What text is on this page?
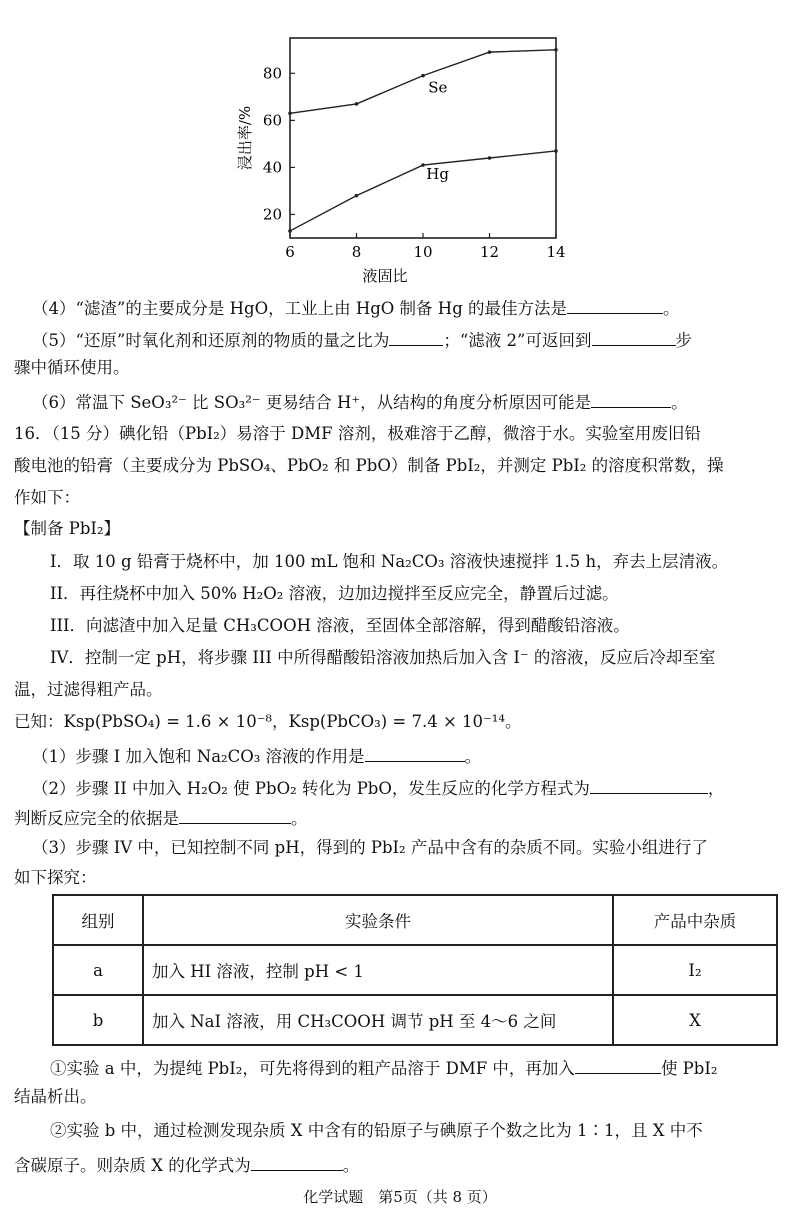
6	8	10	12	14
20
40
60
80
液固比
浸出率/%
Se
Hg
（4）“滤渣”的主要成分是 HgO，工业上由 HgO 制备 Hg 的最佳方法是	。
（5）“还原”时氧化剂和还原剂的物质的量之比为	；“滤液 2”可返回到	步
骤中循环使用。
（6）常温下 SeO₃²⁻ 比 SO₃²⁻ 更易结合 H⁺，从结构的角度分析原因可能是	。
16．（15 分）碘化铅（PbI₂）易溶于 DMF 溶剂，极难溶于乙醇，微溶于水。实验室用废旧铅
酸电池的铅膏（主要成分为 PbSO₄、PbO₂ 和 PbO）制备 PbI₂，并测定 PbI₂ 的溶度积常数，操
作如下：
【制备 PbI₂】
I．取 10 g 铅膏于烧杯中，加 100 mL 饱和 Na₂CO₃ 溶液快速搅拌 1.5 h，弃去上层清液。
II．再往烧杯中加入 50% H₂O₂ 溶液，边加边搅拌至反应完全，静置后过滤。
III．向滤渣中加入足量 CH₃COOH 溶液，至固体全部溶解，得到醋酸铅溶液。
IV．控制一定 pH，将步骤 III 中所得醋酸铅溶液加热后加入含 I⁻ 的溶液，反应后冷却至室
温，过滤得粗产品。
已知：Ksp(PbSO₄) = 1.6 × 10⁻⁸，Ksp(PbCO₃) = 7.4 × 10⁻¹⁴。
（1）步骤 I 加入饱和 Na₂CO₃ 溶液的作用是	。
（2）步骤 II 中加入 H₂O₂ 使 PbO₂ 转化为 PbO，发生反应的化学方程式为	，
判断反应完全的依据是	。
（3）步骤 IV 中，已知控制不同 pH，得到的 PbI₂ 产品中含有的杂质不同。实验小组进行了
如下探究：
组别	实验条件	产品中杂质
a	加入 HI 溶液，控制 pH < 1	I₂
b	加入 NaI 溶液，用 CH₃COOH 调节 pH 至 4～6 之间	X
①实验 a 中，为提纯 PbI₂，可先将得到的粗产品溶于 DMF 中，再加入	使 PbI₂
结晶析出。
②实验 b 中，通过检测发现杂质 X 中含有的铅原子与碘原子个数之比为 1∶1，且 X 中不
含碳原子。则杂质 X 的化学式为	。
化学试题　第5页（共 8 页）
